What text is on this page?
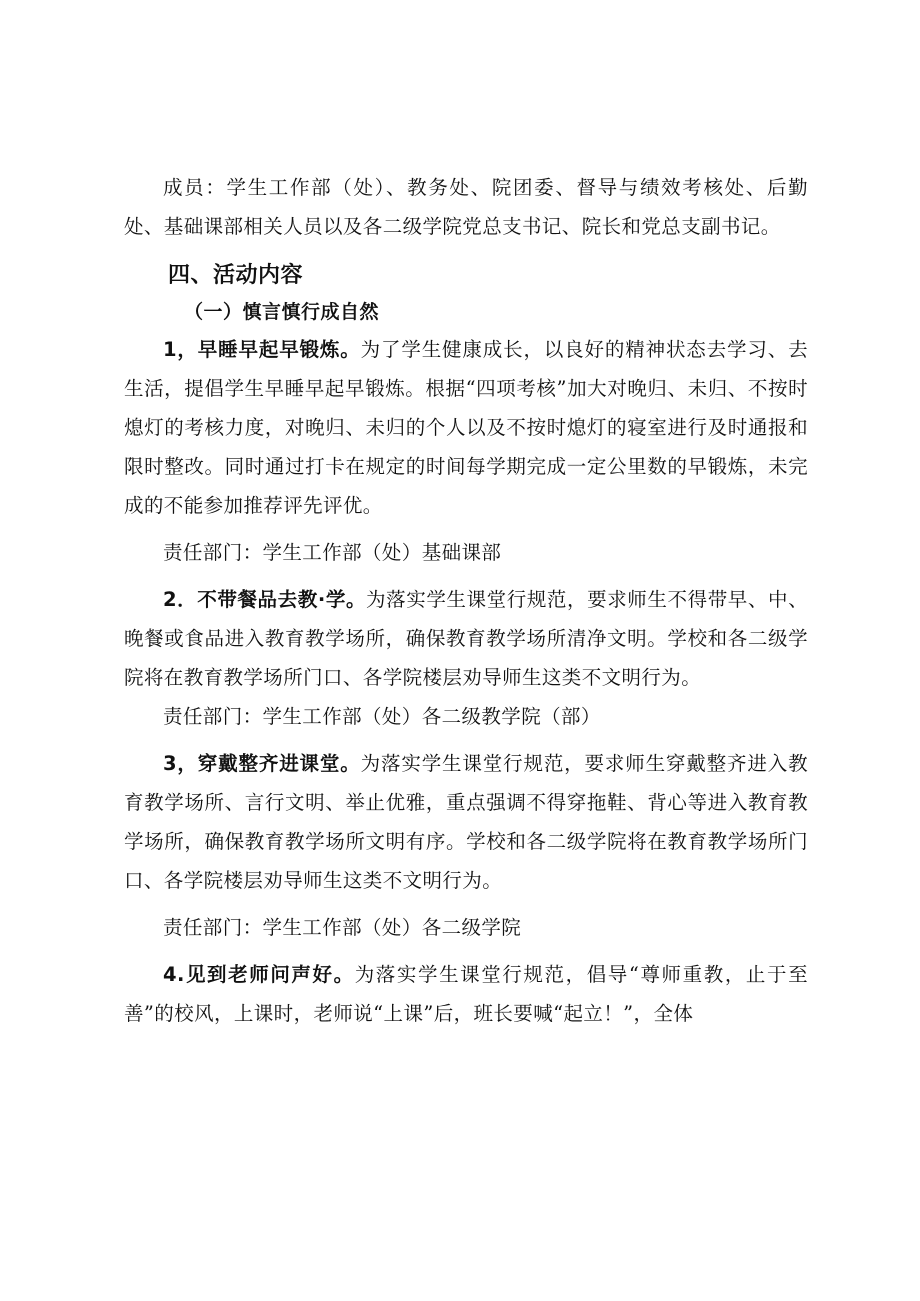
成员：学生工作部（处）、教务处、院团委、督导与绩效考核处、后勤处、基础课部相关人员以及各二级学院党总支书记、院长和党总支副书记。

四、活动内容
（一）慎言慎行成自然

1，早睡早起早锻炼。为了学生健康成长，以良好的精神状态去学习、去生活，提倡学生早睡早起早锻炼。根据“四项考核”加大对晚归、未归、不按时熄灯的考核力度，对晚归、未归的个人以及不按时熄灯的寝室进行及时通报和限时整改。同时通过打卡在规定的时间每学期完成一定公里数的早锻炼，未完成的不能参加推荐评先评优。

责任部门：学生工作部（处）基础课部

2．不带餐品去教·学。为落实学生课堂行规范，要求师生不得带早、中、晚餐或食品进入教育教学场所，确保教育教学场所清净文明。学校和各二级学院将在教育教学场所门口、各学院楼层劝导师生这类不文明行为。

责任部门：学生工作部（处）各二级教学院（部）

3，穿戴整齐进课堂。为落实学生课堂行规范，要求师生穿戴整齐进入教育教学场所、言行文明、举止优雅，重点强调不得穿拖鞋、背心等进入教育教学场所，确保教育教学场所文明有序。学校和各二级学院将在教育教学场所门口、各学院楼层劝导师生这类不文明行为。

责任部门：学生工作部（处）各二级学院

4.见到老师问声好。为落实学生课堂行规范，倡导“尊师重教，止于至善”的校风，上课时，老师说“上课”后，班长要喊“起立！”，全体
